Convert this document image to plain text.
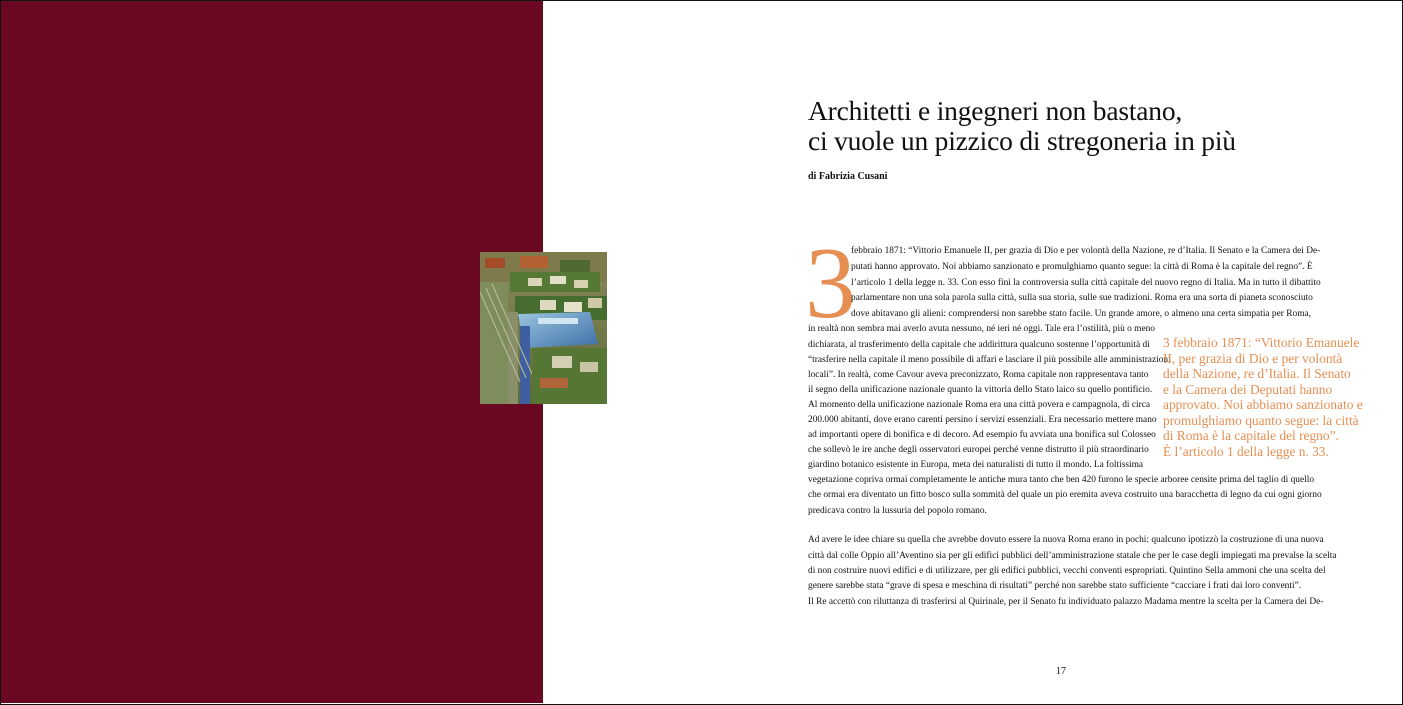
Architetti e ingegneri non bastano,
ci vuole un pizzico di stregoneria in più
di Fabrizia Cusani
3
febbraio 1871: “Vittorio Emanuele II, per grazia di Dio e per volontà della Nazione, re d’Italia. Il Senato e la Camera dei De-
putati hanno approvato. Noi abbiamo sanzionato e promulghiamo quanto segue: la città di Roma è la capitale del regno”. È
l’articolo 1 della legge n. 33. Con esso finì la controversia sulla città capitale del nuovo regno di Italia. Ma in tutto il dibattito
parlamentare non una sola parola sulla città, sulla sua storia, sulle sue tradizioni. Roma era una sorta di pianeta sconosciuto
dove abitavano gli alieni: comprendersi non sarebbe stato facile. Un grande amore, o almeno una certa simpatia per Roma,
in realtà non sembra mai averlo avuta nessuno, né ieri né oggi. Tale era l’ostilità, più o meno
dichiarata, al trasferimento della capitale che addirittura qualcuno sostenne l’opportunità di
“trasferire nella capitale il meno possibile di affari e lasciare il più possibile alle amministrazioni
locali”. In realtà, come Cavour aveva preconizzato, Roma capitale non rappresentava tanto
il segno della unificazione nazionale quanto la vittoria dello Stato laico su quello pontificio.
Al momento della unificazione nazionale Roma era una città povera e campagnola, di circa
200.000 abitanti, dove erano carenti persino i servizi essenziali. Era necessario mettere mano
ad importanti opere di bonifica e di decoro. Ad esempio fu avviata una bonifica sul Colosseo
che sollevò le ire anche degli osservatori europei perché venne distrutto il più straordinario
giardino botanico esistente in Europa, meta dei naturalisti di tutto il mondo. La foltissima
vegetazione copriva ormai completamente le antiche mura tanto che ben 420 furono le specie arboree censite prima del taglio di quello
che ormai era diventato un fitto bosco sulla sommità del quale un pio eremita aveva costruito una baracchetta di legno da cui ogni giorno
predicava contro la lussuria del popolo romano.
Ad avere le idee chiare su quella che avrebbe dovuto essere la nuova Roma erano in pochi: qualcuno ipotizzò la costruzione di una nuova
città dal colle Oppio all’Aventino sia per gli edifici pubblici dell’amministrazione statale che per le case degli impiegati ma prevalse la scelta
di non costruire nuovi edifici e di utilizzare, per gli edifici pubblici, vecchi conventi espropriati. Quintino Sella ammonì che una scelta del
genere sarebbe stata “grave di spesa e meschina di risultati” perché non sarebbe stato sufficiente “cacciare i frati dai loro conventi”.
Il Re accettò con riluttanza di trasferirsi al Quirinale, per il Senato fu individuato palazzo Madama mentre la scelta per la Camera dei De-
3 febbraio 1871: “Vittorio Emanuele
II, per grazia di Dio e per volontà
della Nazione, re d’Italia. Il Senato
e la Camera dei Deputati hanno
approvato. Noi abbiamo sanzionato e
promulghiamo quanto segue: la città
di Roma è la capitale del regno”.
È l’articolo 1 della legge n. 33.
17
